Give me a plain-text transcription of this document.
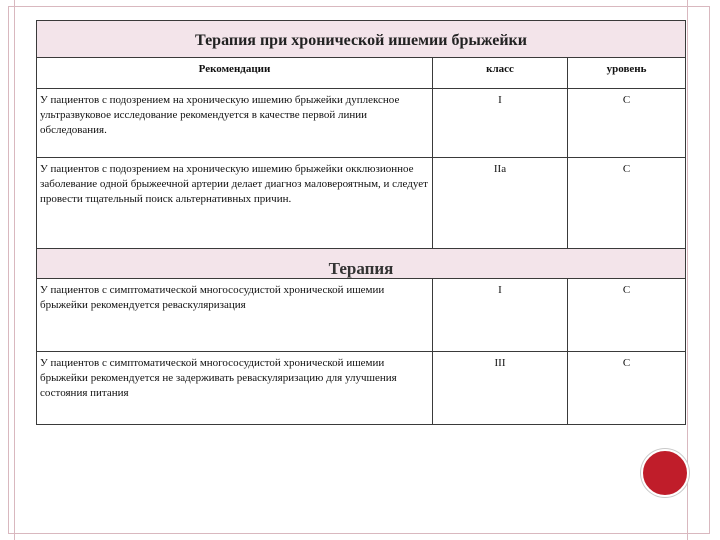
Терапия при хронической ишемии брыжейки		
Рекомендации	класс	уровень
У пациентов с подозрением на хроническую ишемию брыжейки дуплексное ультразвуковое исследование рекомендуется в качестве первой линии обследования.	I	C
У пациентов с подозрением на хроническую ишемию брыжейки окклюзионное заболевание одной брыжеечной артерии делает диагноз маловероятным, и следует провести тщательный поиск альтернативных причин.	IIa	C
Терапия		
У пациентов с симптоматической многососудистой хронической ишемии брыжейки рекомендуется реваскуляризация	I	C
У пациентов с симптоматической многососудистой хронической ишемии брыжейки рекомендуется не задерживать реваскуляризацию для улучшения состояния питания	III	C
